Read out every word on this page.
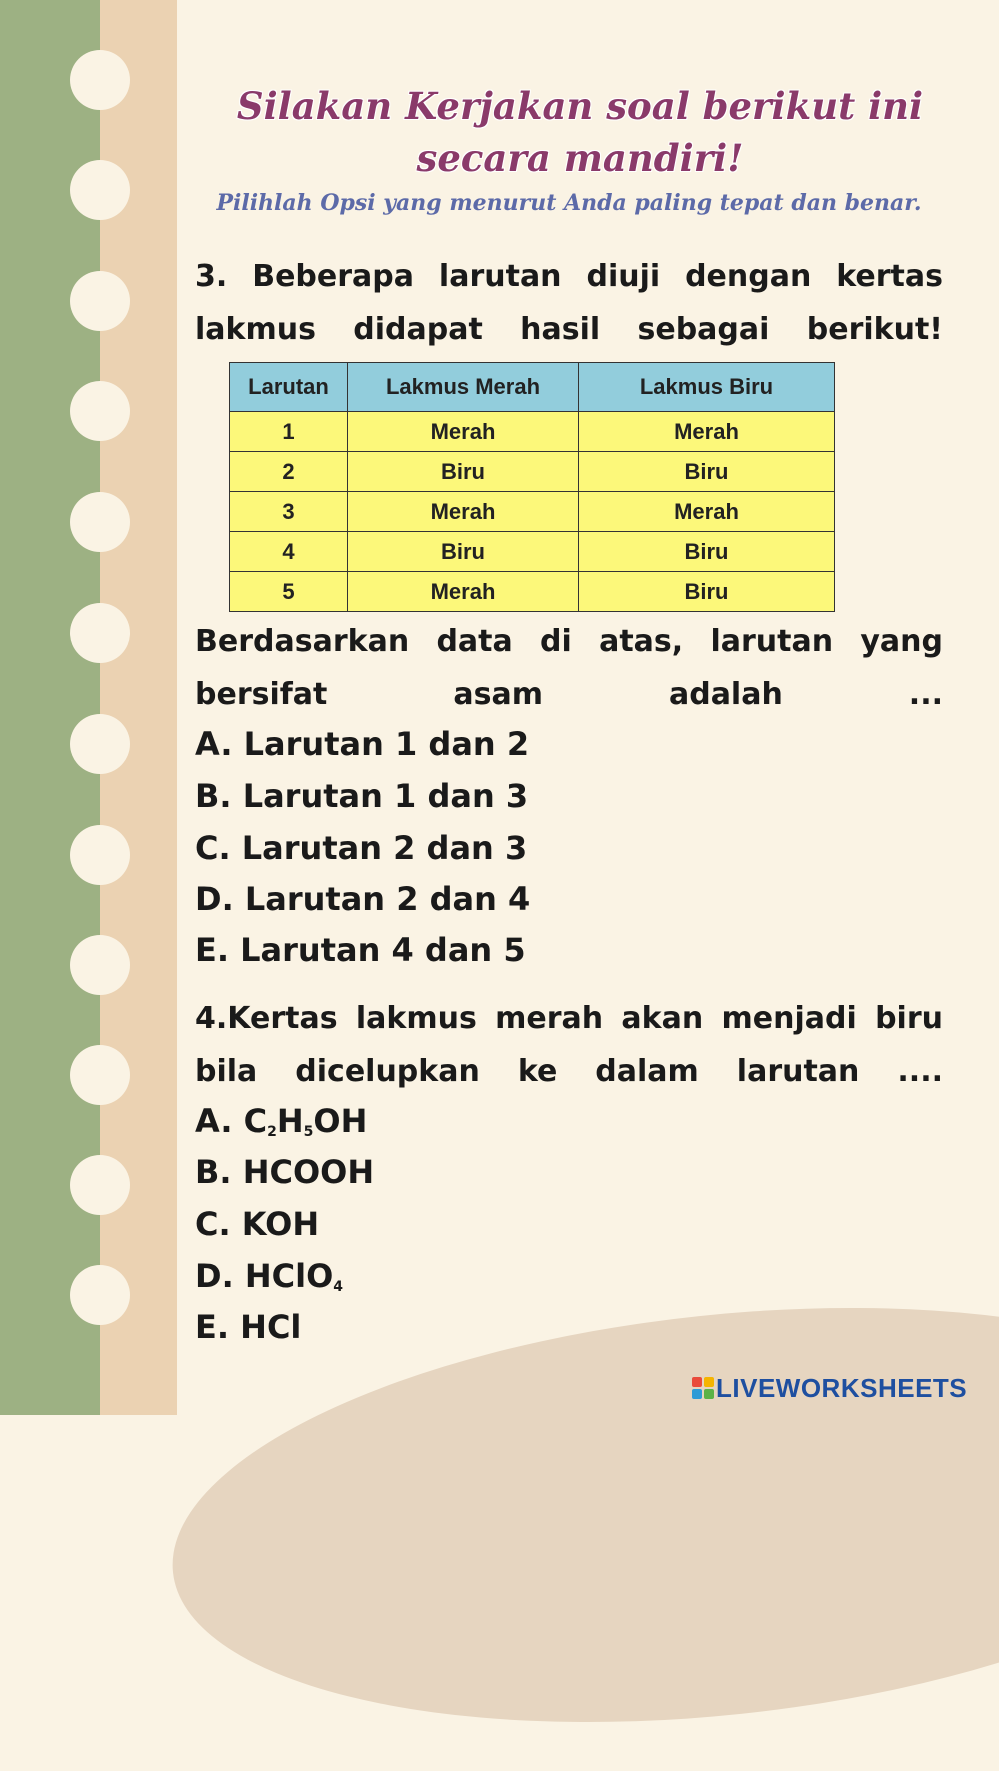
Silakan Kerjakan soal berikut ini
secara mandiri!
Pilihlah Opsi yang menurut Anda paling tepat dan benar.
3. Beberapa larutan diuji dengan kertas lakmus didapat hasil sebagai berikut!
Larutan	Lakmus Merah	Lakmus Biru
1	Merah	Merah
2	Biru	Biru
3	Merah	Merah
4	Biru	Biru
5	Merah	Biru
Berdasarkan data di atas, larutan yang bersifat asam adalah ...
A. Larutan 1 dan 2
B. Larutan 1 dan 3
C. Larutan 2 dan 3
D. Larutan 2 dan 4
E. Larutan 4 dan 5
4.Kertas lakmus merah akan menjadi biru bila dicelupkan ke dalam larutan ....
A. $C_2H_5OH$
B. HCOOH
C. KOH
D. HClO$_4$
E. HCl
LIVEWORKSHEETS
